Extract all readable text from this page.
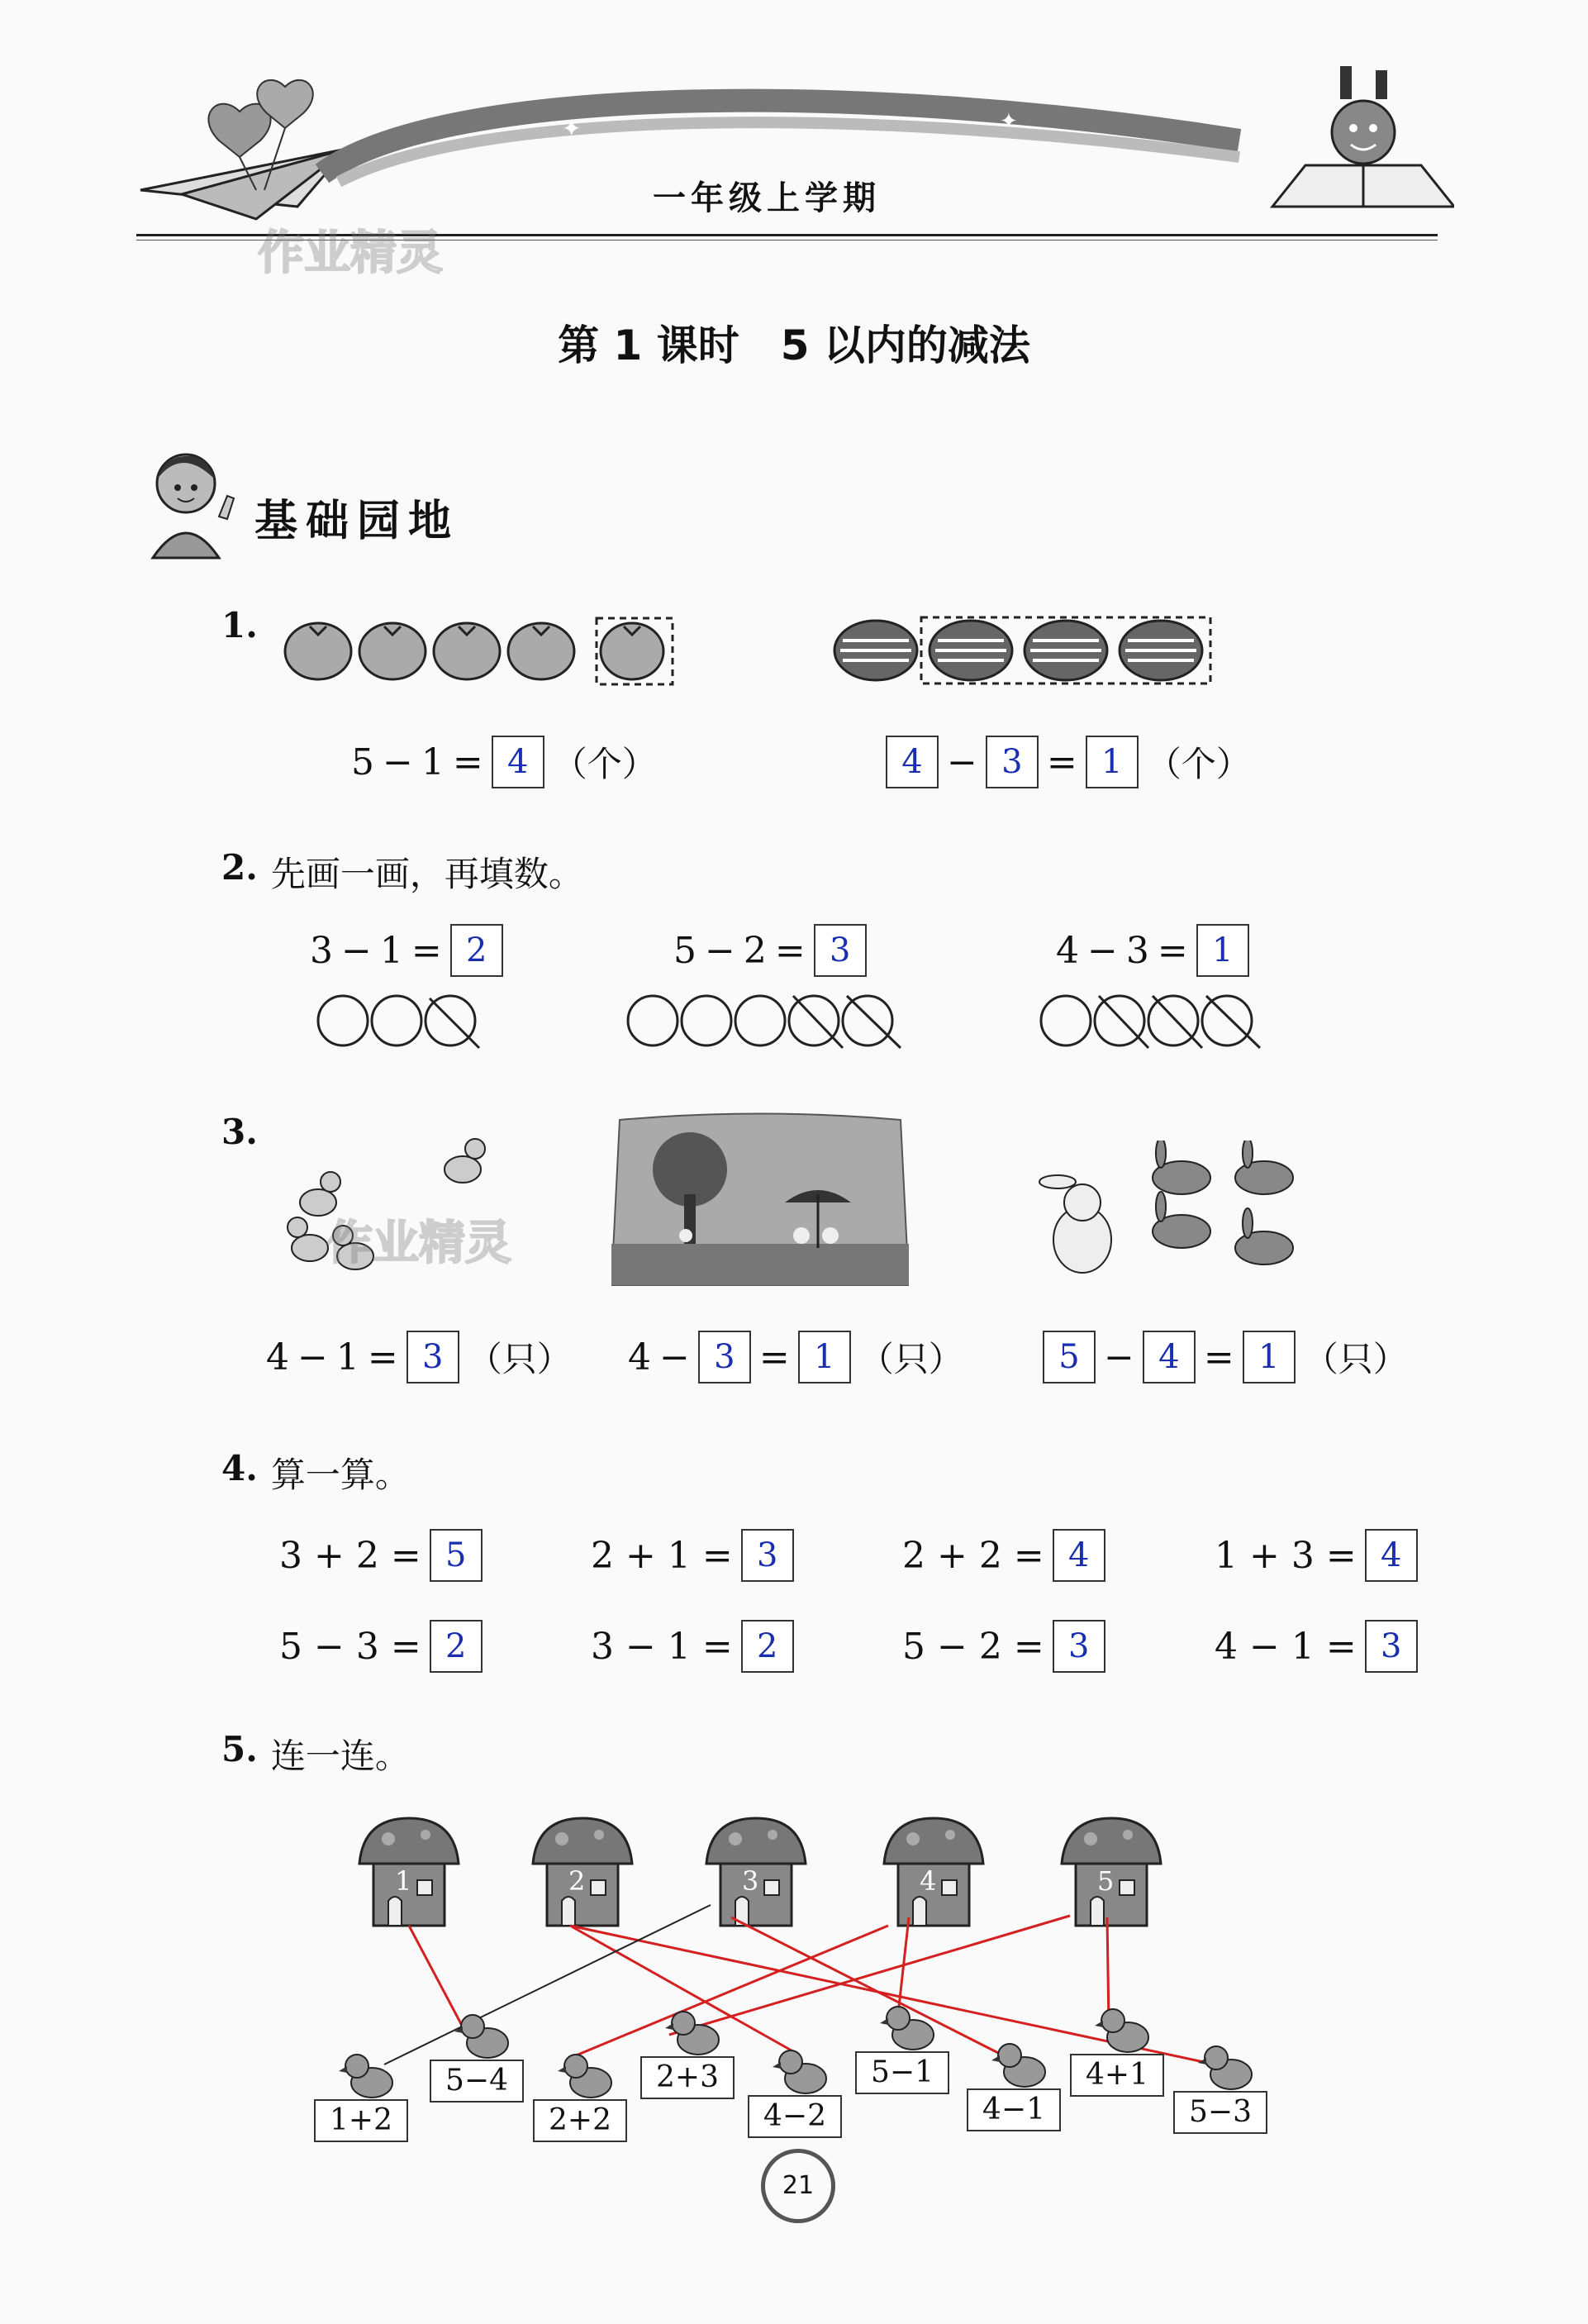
✦	✦
一年级上学期
作业精灵
第 1 课时　5 以内的减法
基础园地
1.
5 − 1 = 4 （个）	4 − 3 = 1 （个）
2. 先画一画，再填数。
3 − 1 = 2	5 − 2 = 3	4 − 3 = 1
3.
作业精灵
4 − 1 = 3 （只） 4 − 3 = 1 （只）	5 − 4 = 1 （只）
4. 算一算。
3 + 2 = 5	2 + 1 = 3	2 + 2 = 4	1 + 3 = 4
5 − 3 = 2	3 − 1 = 2	5 − 2 = 3	4 − 1 = 3
5. 连一连。
1	2	3	4	5
1+2
5−4
2+2
2+3
4−2
5−1
4−1
4+1
5−3
21
